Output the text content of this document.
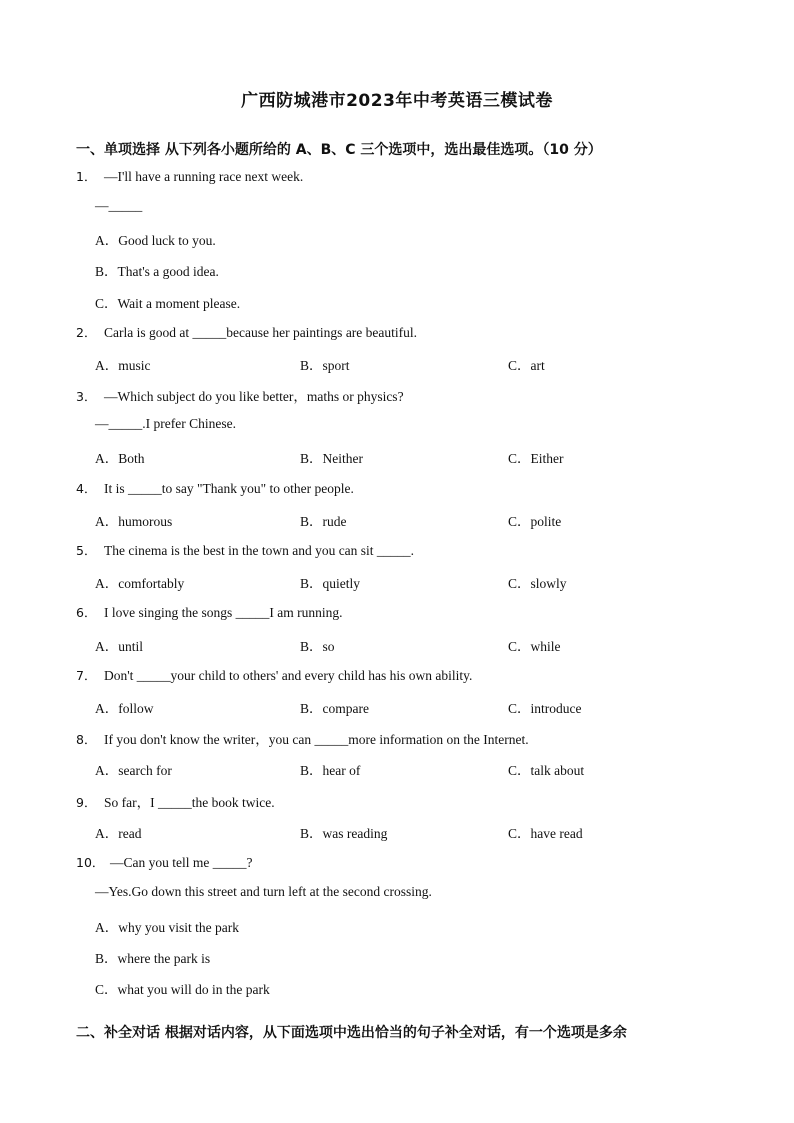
广西防城港市2023年中考英语三模试卷
一、单项选择 从下列各小题所给的 A、B、C 三个选项中，选出最佳选项。（10 分）
1． —I'll have a running race next week.
—_____
A．Good luck to you.
B．That's a good idea.
C．Wait a moment please.
2． Carla is good at _____because her paintings are beautiful.
A．music	B．sport	C．art
3． —Which subject do you like better，maths or physics?
—_____.I prefer Chinese.
A．Both	B．Neither	C．Either
4． It is _____to say "Thank you" to other people.
A．humorous	B．rude	C．polite
5． The cinema is the best in the town and you can sit _____.
A．comfortably	B．quietly	C．slowly
6． I love singing the songs _____I am running.
A．until	B．so	C．while
7． Don't _____your child to others' and every child has his own ability.
A．follow	B．compare	C．introduce
8． If you don't know the writer，you can _____more information on the Internet.
A．search for	B．hear of	C．talk about
9． So far，I _____the book twice.
A．read	B．was reading	C．have read
10． —Can you tell me _____?
—Yes.Go down this street and turn left at the second crossing.
A．why you visit the park
B．where the park is
C．what you will do in the park
二、补全对话 根据对话内容，从下面选项中选出恰当的句子补全对话，有一个选项是多余
